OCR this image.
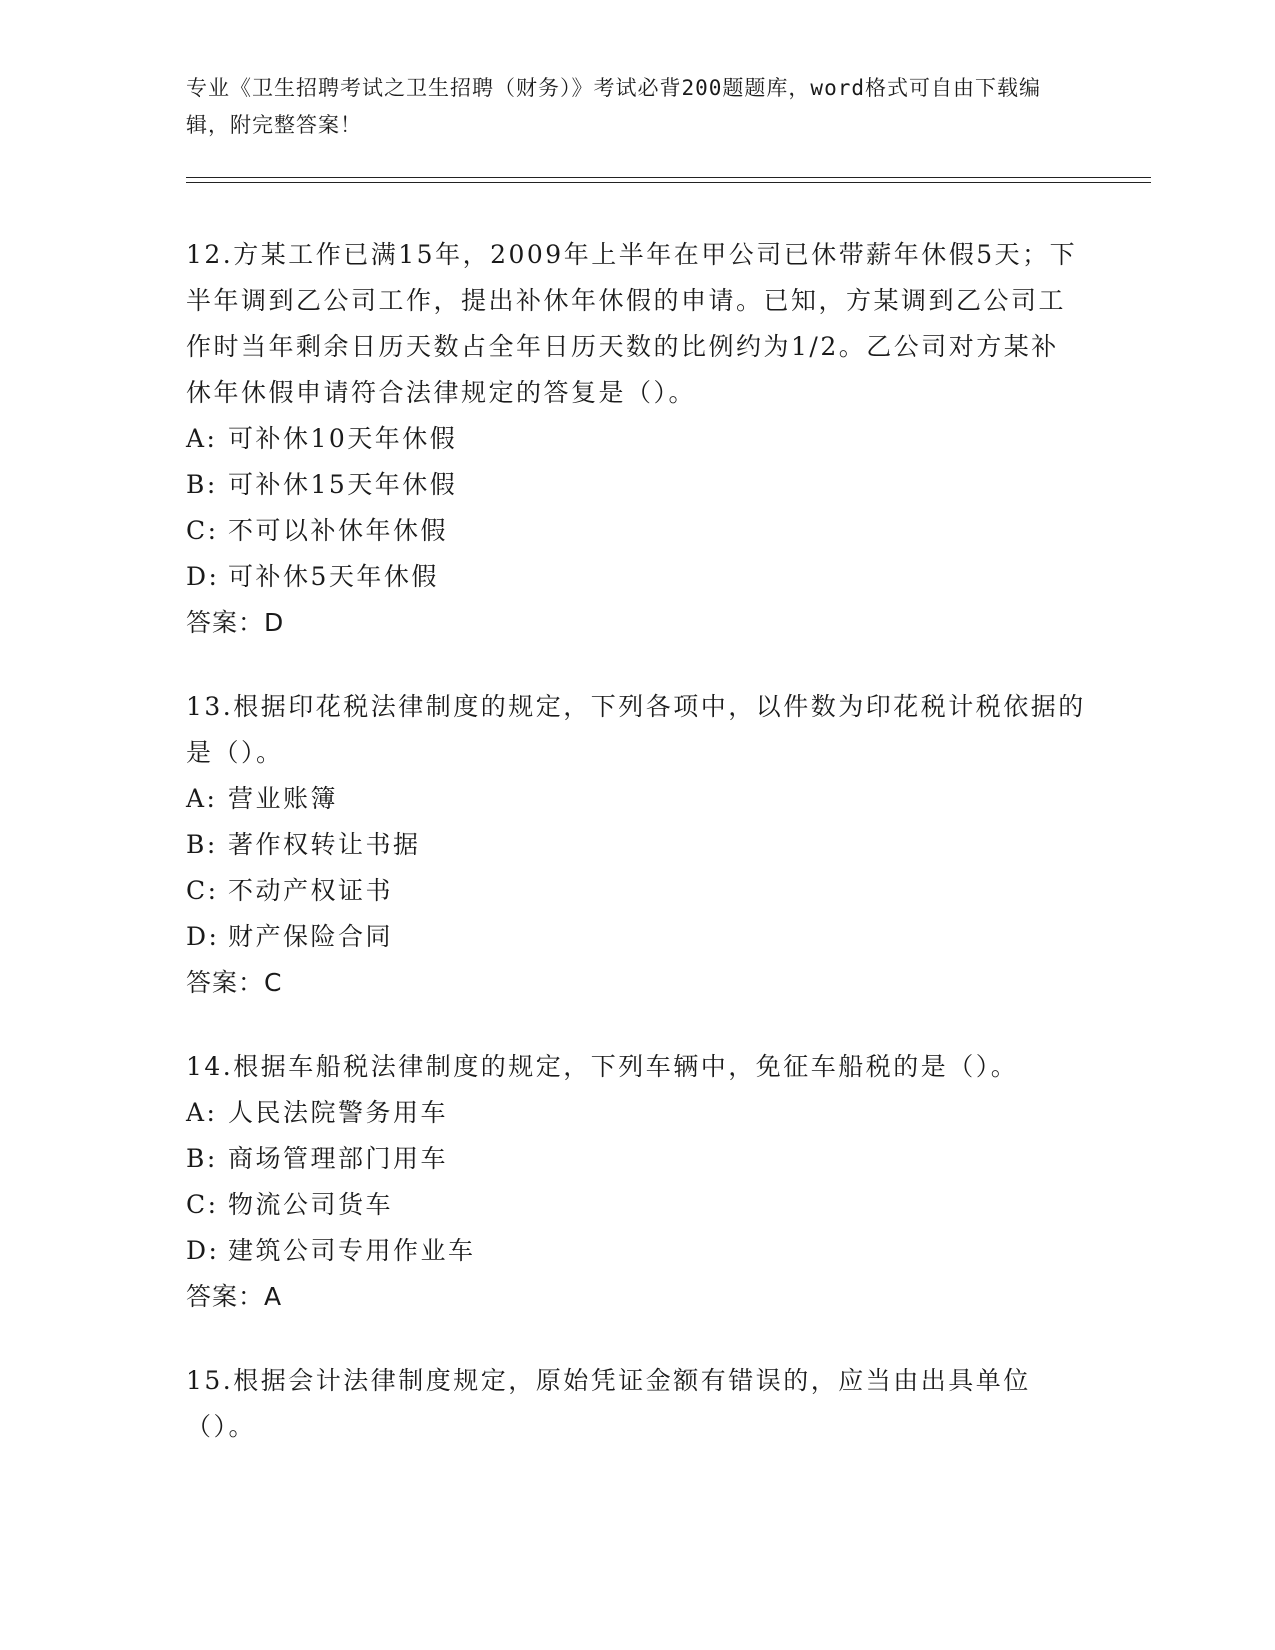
专业《卫生招聘考试之卫生招聘（财务）》考试必背200题题库，word格式可自由下载编辑，附完整答案！

12.方某工作已满15年，2009年上半年在甲公司已休带薪年休假5天；下半年调到乙公司工作，提出补休年休假的申请。已知，方某调到乙公司工作时当年剩余日历天数占全年日历天数的比例约为1/2。乙公司对方某补休年休假申请符合法律规定的答复是（）。

A: 可补休10天年休假
B: 可补休15天年休假
C: 不可以补休年休假
D: 可补休5天年休假
答案：D

13.根据印花税法律制度的规定，下列各项中，以件数为印花税计税依据的是（）。

A: 营业账簿
B: 著作权转让书据
C: 不动产权证书
D: 财产保险合同
答案：C

14.根据车船税法律制度的规定，下列车辆中，免征车船税的是（）。

A: 人民法院警务用车
B: 商场管理部门用车
C: 物流公司货车
D: 建筑公司专用作业车
答案：A

15.根据会计法律制度规定，原始凭证金额有错误的，应当由出具单位（）。
